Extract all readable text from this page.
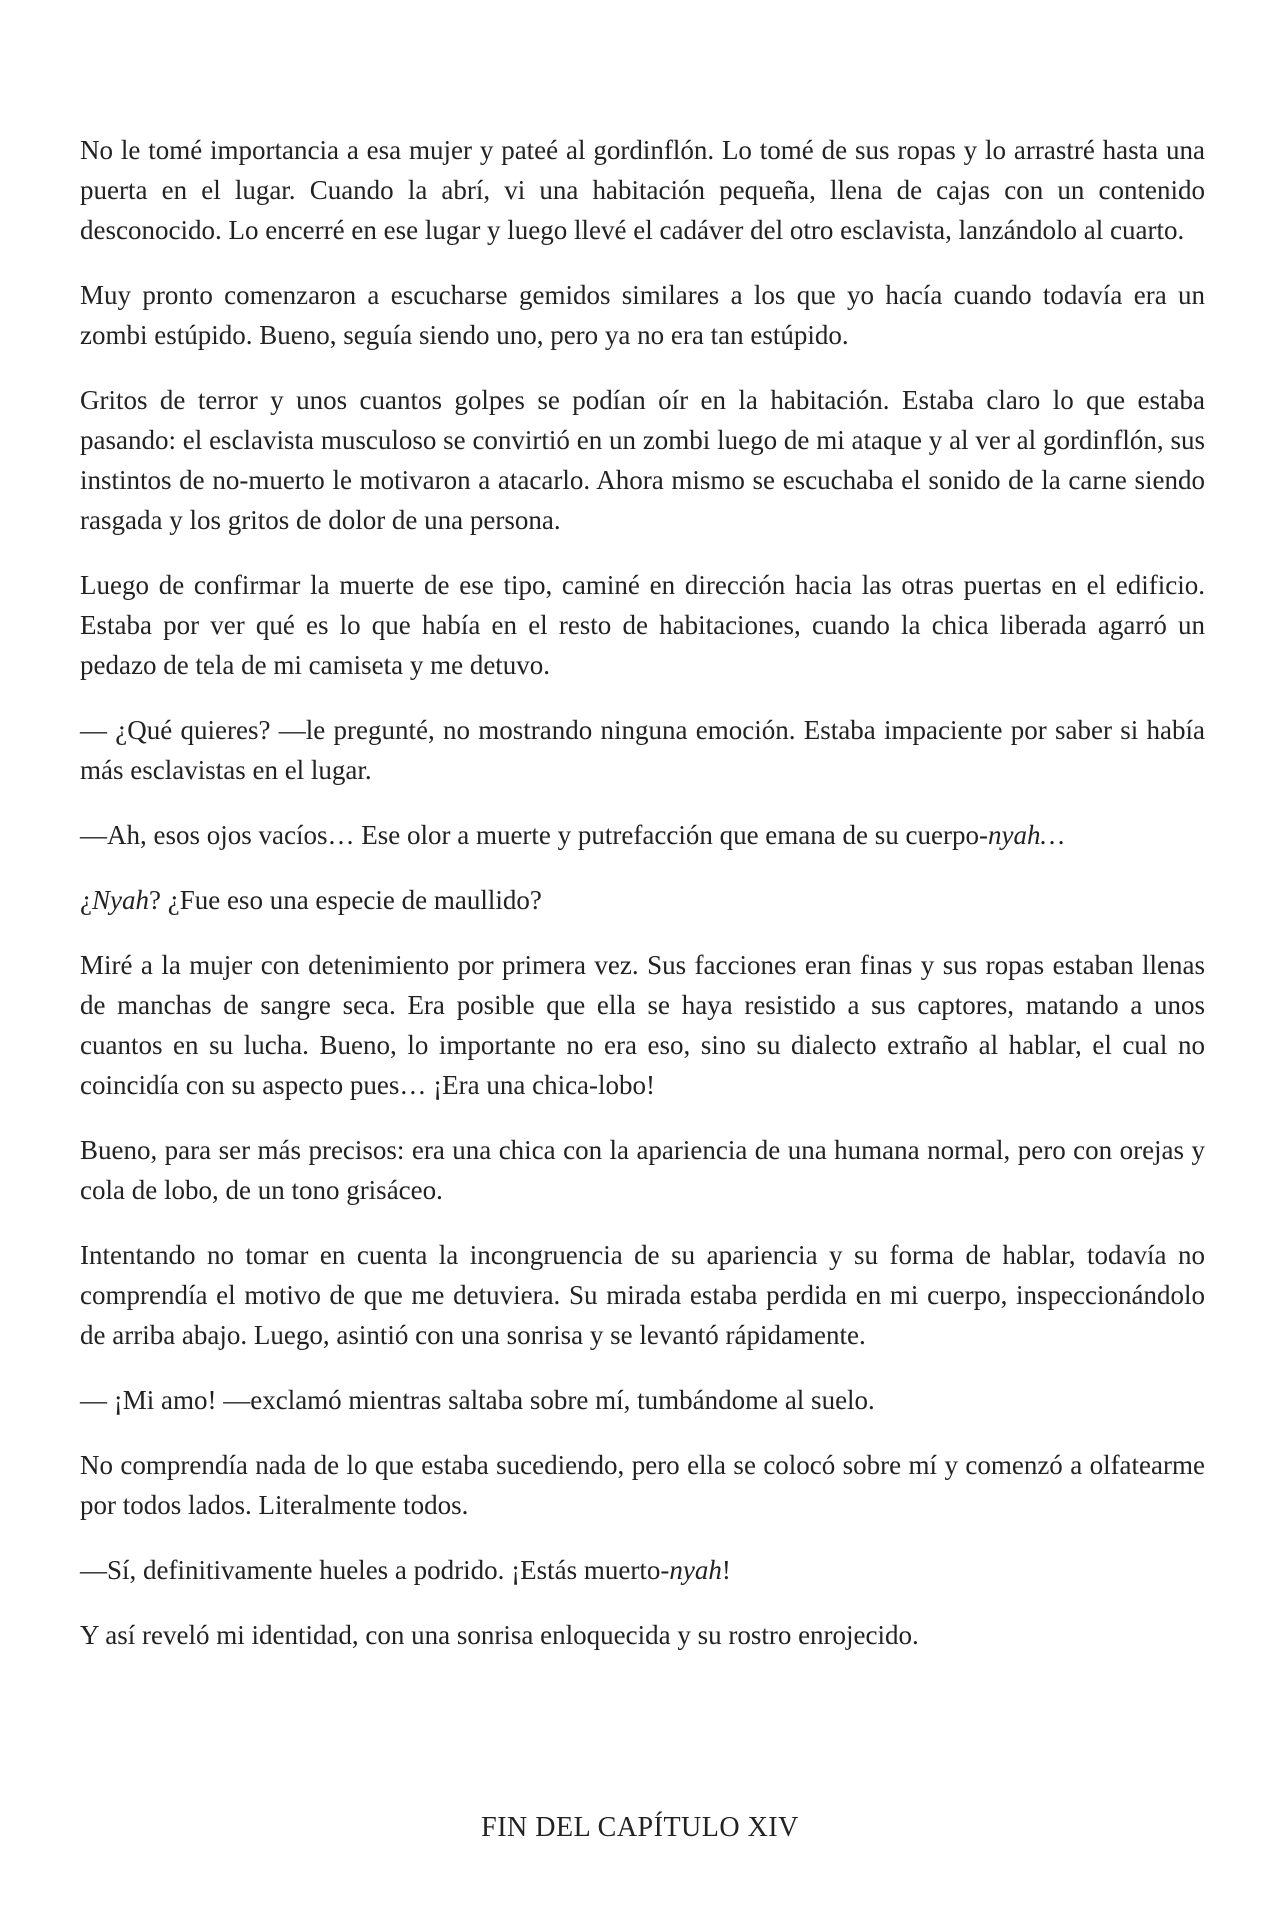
No le tomé importancia a esa mujer y pateé al gordinflón. Lo tomé de sus ropas y lo arrastré hasta una puerta en el lugar. Cuando la abrí, vi una habitación pequeña, llena de cajas con un contenido desconocido. Lo encerré en ese lugar y luego llevé el cadáver del otro esclavista, lanzándolo al cuarto.

Muy pronto comenzaron a escucharse gemidos similares a los que yo hacía cuando todavía era un zombi estúpido. Bueno, seguía siendo uno, pero ya no era tan estúpido.

Gritos de terror y unos cuantos golpes se podían oír en la habitación. Estaba claro lo que estaba pasando: el esclavista musculoso se convirtió en un zombi luego de mi ataque y al ver al gordinflón, sus instintos de no-muerto le motivaron a atacarlo. Ahora mismo se escuchaba el sonido de la carne siendo rasgada y los gritos de dolor de una persona.

Luego de confirmar la muerte de ese tipo, caminé en dirección hacia las otras puertas en el edificio. Estaba por ver qué es lo que había en el resto de habitaciones, cuando la chica liberada agarró un pedazo de tela de mi camiseta y me detuvo.

— ¿Qué quieres? —le pregunté, no mostrando ninguna emoción. Estaba impaciente por saber si había más esclavistas en el lugar.

—Ah, esos ojos vacíos… Ese olor a muerte y putrefacción que emana de su cuerpo-nyah…

¿Nyah? ¿Fue eso una especie de maullido?

Miré a la mujer con detenimiento por primera vez. Sus facciones eran finas y sus ropas estaban llenas de manchas de sangre seca. Era posible que ella se haya resistido a sus captores, matando a unos cuantos en su lucha. Bueno, lo importante no era eso, sino su dialecto extraño al hablar, el cual no coincidía con su aspecto pues… ¡Era una chica-lobo!

Bueno, para ser más precisos: era una chica con la apariencia de una humana normal, pero con orejas y cola de lobo, de un tono grisáceo.

Intentando no tomar en cuenta la incongruencia de su apariencia y su forma de hablar, todavía no comprendía el motivo de que me detuviera. Su mirada estaba perdida en mi cuerpo, inspeccionándolo de arriba abajo. Luego, asintió con una sonrisa y se levantó rápidamente.

— ¡Mi amo! —exclamó mientras saltaba sobre mí, tumbándome al suelo.

No comprendía nada de lo que estaba sucediendo, pero ella se colocó sobre mí y comenzó a olfatearme por todos lados. Literalmente todos.

—Sí, definitivamente hueles a podrido. ¡Estás muerto-nyah!

Y así reveló mi identidad, con una sonrisa enloquecida y su rostro enrojecido.

FIN DEL CAPÍTULO XIV
